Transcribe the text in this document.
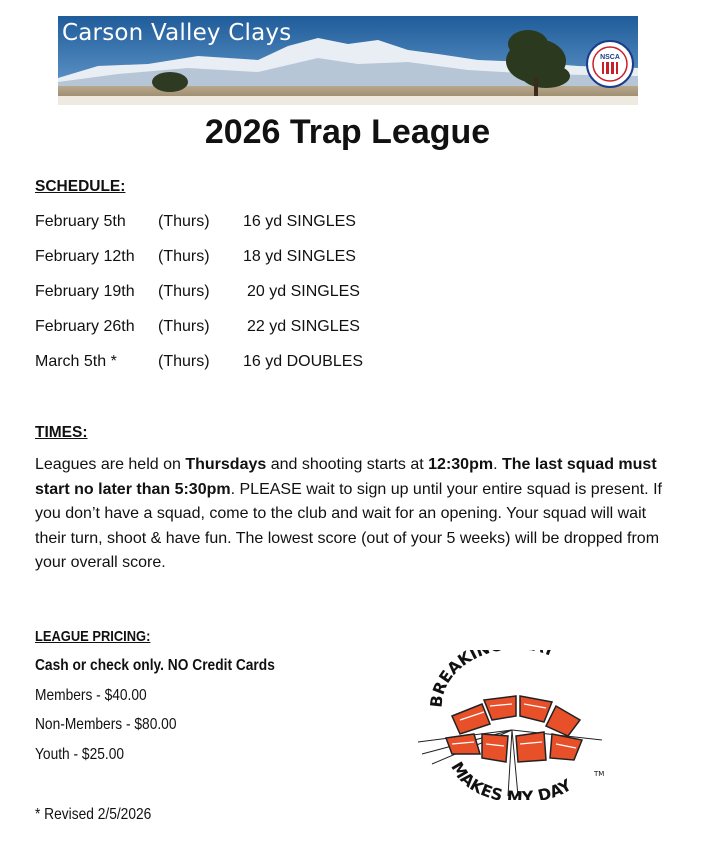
Carson Valley Clays
NSCA
2026 Trap League
SCHEDULE:
February 5th (Thurs) 16 yd SINGLES
February 12th (Thurs) 18 yd SINGLES
February 19th (Thurs) 20 yd SINGLES
February 26th (Thurs) 22 yd SINGLES
March 5th *	(Thurs) 16 yd DOUBLES
TIMES:

Leagues are held on Thursdays and shooting starts at 12:30pm. The last squad must start no later than 5:30pm. PLEASE wait to sign up until your entire squad is present. If you don’t have a squad, come to the club and wait for an opening. Your squad will wait their turn, shoot & have fun. The lowest score (out of your 5 weeks) will be dropped from your overall score.

LEAGUE PRICING:
Cash or check only. NO Credit Cards
Members - $40.00
Non-Members - $80.00
Youth - $25.00
* Revised 2/5/2026
BREAKI
MAKES MY DAY
TM
